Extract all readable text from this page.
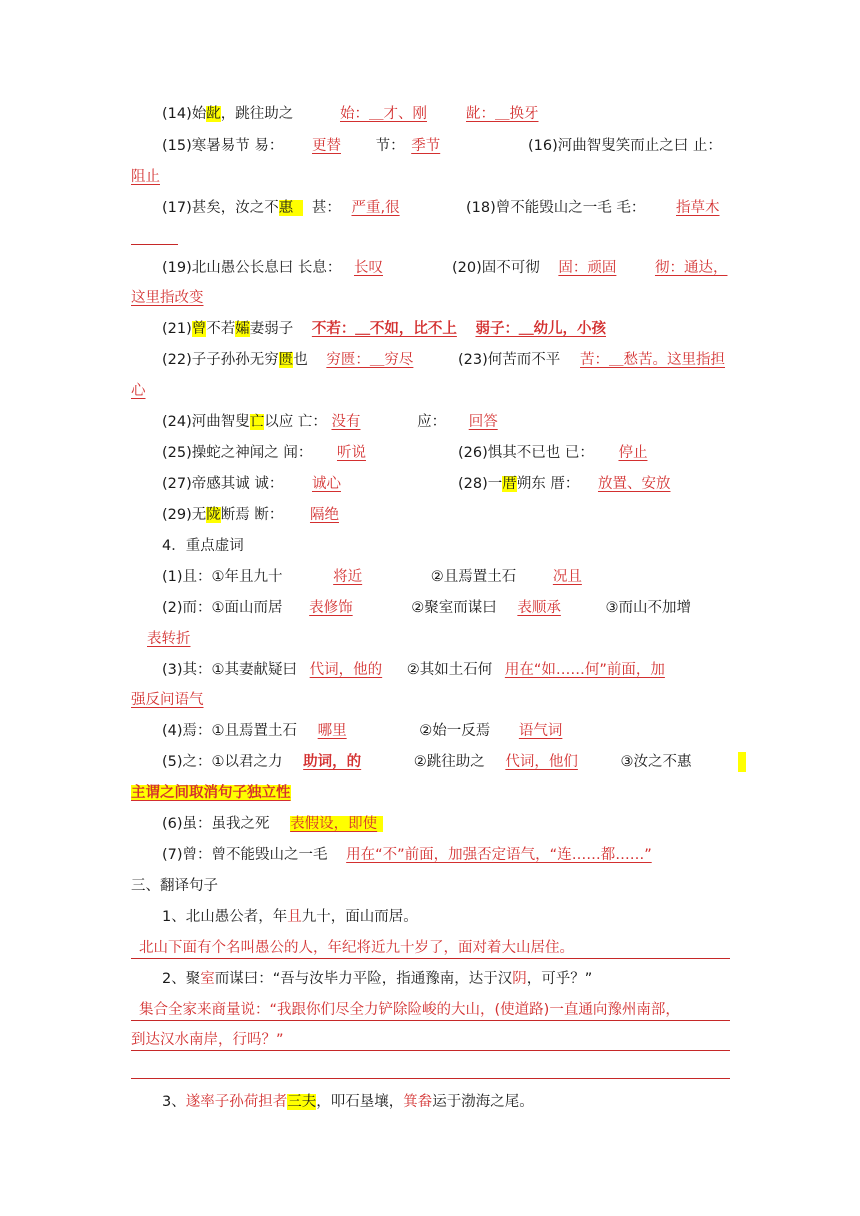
(14)始龀，跳往助之	始：＿才、刚	龀：＿换牙
(15)寒暑易节 易： 更替 节： 季节	(16)河曲智叟笑而止之曰 止：
阻止
(17)甚矣，汝之不惠 甚： 严重,很	(18)曾不能毁山之一毛 毛： 指草木
(19)北山愚公长息曰 长息： 长叹	(20)固不可彻 固：顽固	彻：通达，
这里指改变
(21)曾不若孀妻弱子 不若：＿不如，比不上 弱子：＿幼儿，小孩
(22)子子孙孙无穷匮也 穷匮：＿穷尽	(23)何苦而不平 苦：＿愁苦。这里指担
心
(24)河曲智叟亡以应 亡： 没有	应： 回答
(25)操蛇之神闻之 闻： 听说	(26)惧其不已也 已： 停止
(27)帝感其诚 诚： 诚心	(28)一厝朔东 厝： 放置、安放
(29)无陇断焉 断： 隔绝
4．重点虚词
(1)且：①年且九十	将近	②且焉置土石	况且
(2)而：①面山而居 表修饰	②聚室而谋曰 表顺承	③而山不加增
表转折
(3)其：①其妻献疑曰 代词，他的 ②其如土石何 用在“如……何”前面，加
强反问语气
(4)焉：①且焉置土石 哪里	②始一反焉 语气词
(5)之：①以君之力 助词，的	②跳往助之 代词，他们	③汝之不惠
主谓之间取消句子独立性
(6)虽：虽我之死 表假设，即使
(7)曾：曾不能毁山之一毛 用在“不”前面，加强否定语气，“连……都……”
三、翻译句子
1、北山愚公者，年且九十，面山而居。
北山下面有个名叫愚公的人，年纪将近九十岁了，面对着大山居住。
2、聚室而谋曰：“吾与汝毕力平险，指通豫南，达于汉阴，可乎？”
集合全家来商量说：“我跟你们尽全力铲除险峻的大山，(使道路)一直通向豫州南部，
到达汉水南岸，行吗？”
3、遂率子孙荷担者三夫，叩石垦壤，箕畚运于渤海之尾。
